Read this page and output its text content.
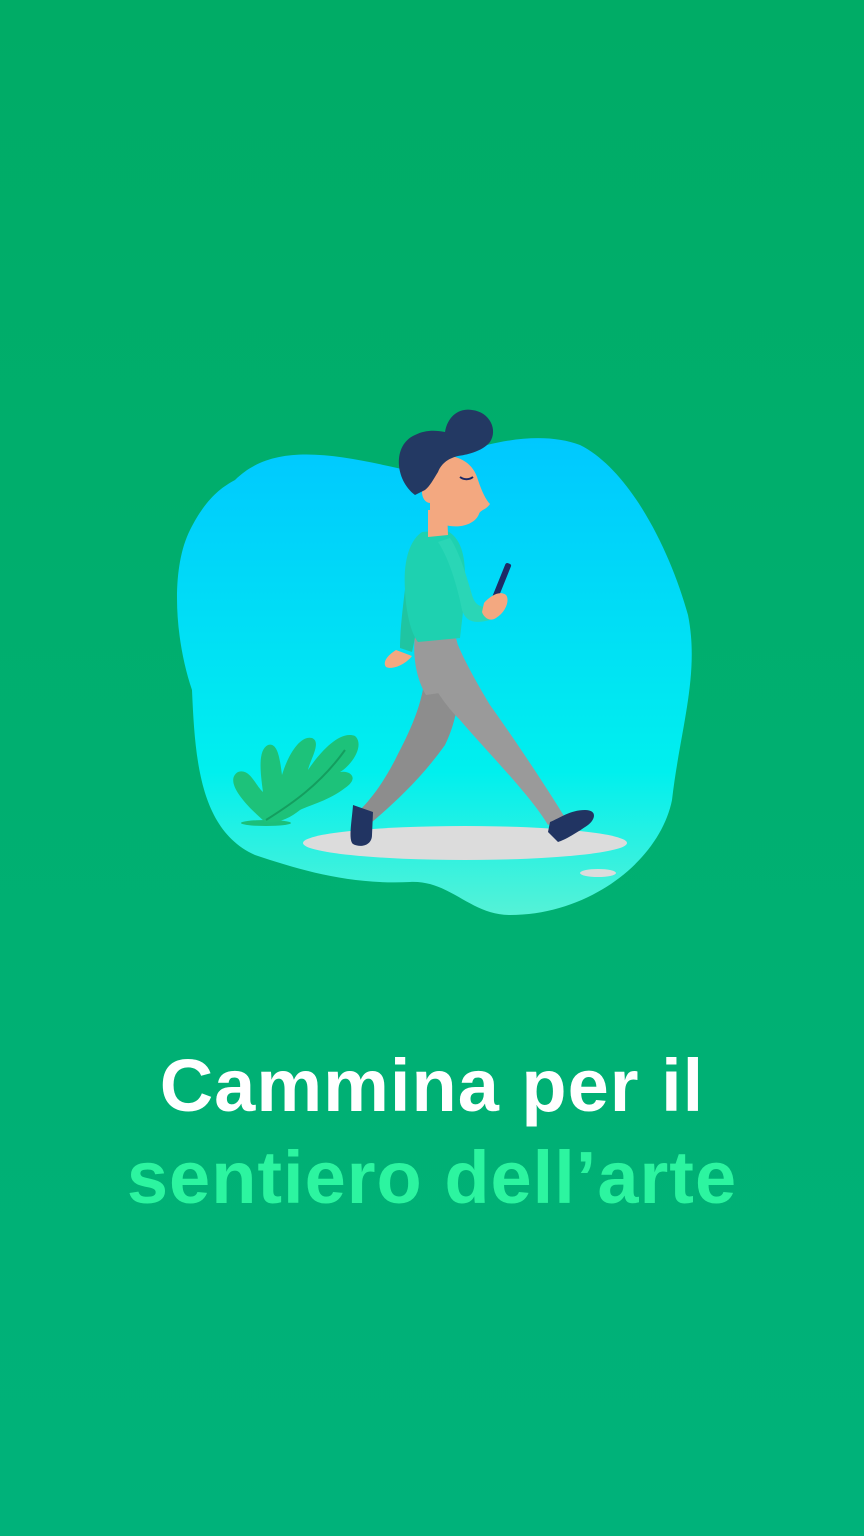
Cammina per il
sentiero dell’arte
